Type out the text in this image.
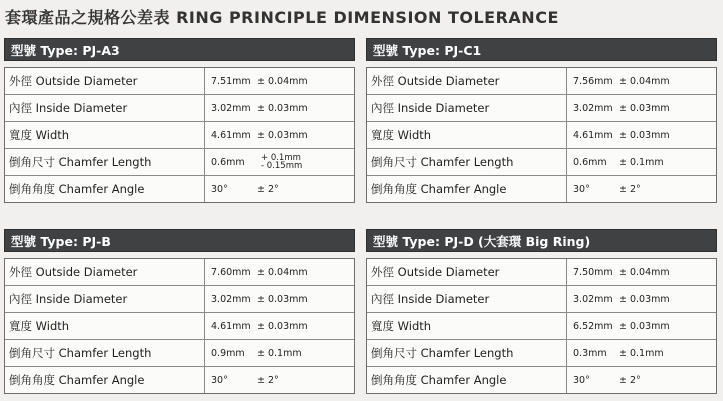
套環產品之規格公差表 RING PRINCIPLE DIMENSION TOLERANCE
型號 Type: PJ-A3
外徑 Outside Diameter	7.51mm ± 0.04mm
內徑 Inside Diameter	3.02mm ± 0.03mm
寬度 Width	4.61mm ± 0.03mm
倒角尺寸 Chamfer Length	0.6mm	+ 0.1mm
- 0.15mm
倒角角度 Chamfer Angle	30°	± 2°
型號 Type: PJ-C1
外徑 Outside Diameter	7.56mm ± 0.04mm
內徑 Inside Diameter	3.02mm ± 0.03mm
寬度 Width	4.61mm ± 0.03mm
倒角尺寸 Chamfer Length	0.6mm	± 0.1mm
倒角角度 Chamfer Angle	30°	± 2°
型號 Type: PJ-B
外徑 Outside Diameter	7.60mm ± 0.04mm
內徑 Inside Diameter	3.02mm ± 0.03mm
寬度 Width	4.61mm ± 0.03mm
倒角尺寸 Chamfer Length	0.9mm	± 0.1mm
倒角角度 Chamfer Angle	30°	± 2°
型號 Type: PJ-D (大套環 Big Ring)
外徑 Outside Diameter	7.50mm ± 0.04mm
內徑 Inside Diameter	3.02mm ± 0.03mm
寬度 Width	6.52mm ± 0.03mm
倒角尺寸 Chamfer Length	0.3mm	± 0.1mm
倒角角度 Chamfer Angle	30°	± 2°
